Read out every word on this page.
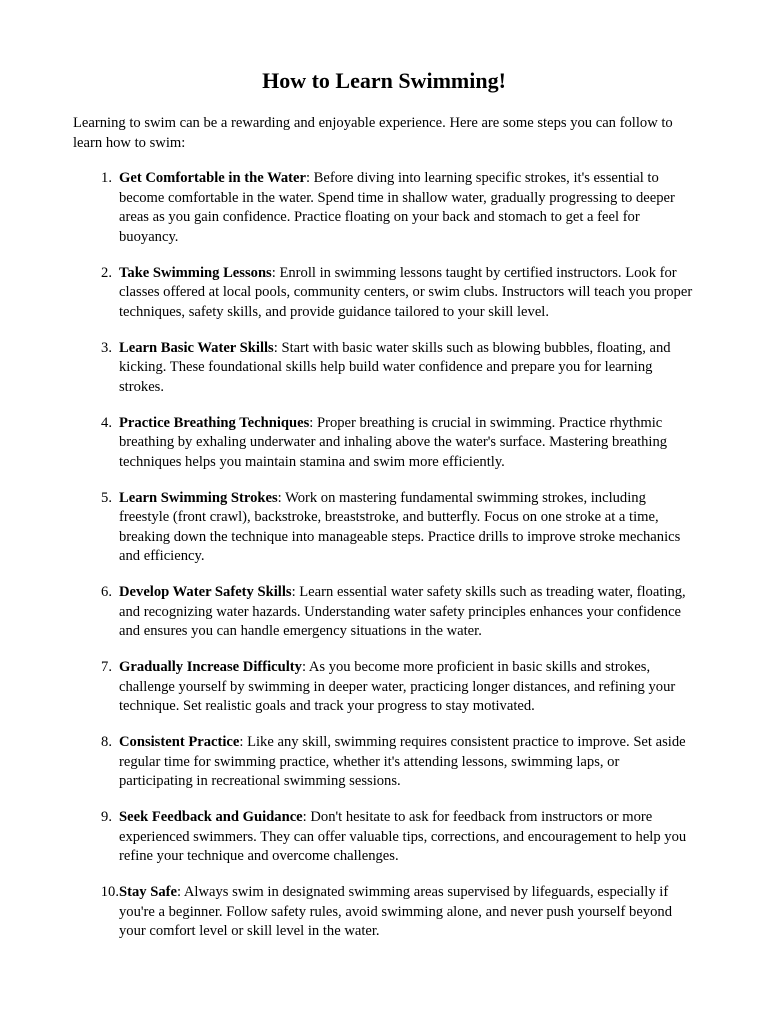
How to Learn Swimming!

Learning to swim can be a rewarding and enjoyable experience. Here are some steps you can follow to learn how to swim:

1. Get Comfortable in the Water: Before diving into learning specific strokes, it's essential to become comfortable in the water. Spend time in shallow water, gradually progressing to deeper areas as you gain confidence. Practice floating on your back and stomach to get a feel for buoyancy.
2. Take Swimming Lessons: Enroll in swimming lessons taught by certified instructors. Look for classes offered at local pools, community centers, or swim clubs. Instructors will teach you proper techniques, safety skills, and provide guidance tailored to your skill level.
3. Learn Basic Water Skills: Start with basic water skills such as blowing bubbles, floating, and kicking. These foundational skills help build water confidence and prepare you for learning strokes.
4. Practice Breathing Techniques: Proper breathing is crucial in swimming. Practice rhythmic breathing by exhaling underwater and inhaling above the water's surface. Mastering breathing techniques helps you maintain stamina and swim more efficiently.
5. Learn Swimming Strokes: Work on mastering fundamental swimming strokes, including freestyle (front crawl), backstroke, breaststroke, and butterfly. Focus on one stroke at a time, breaking down the technique into manageable steps. Practice drills to improve stroke mechanics and efficiency.
6. Develop Water Safety Skills: Learn essential water safety skills such as treading water, floating, and recognizing water hazards. Understanding water safety principles enhances your confidence and ensures you can handle emergency situations in the water.
7. Gradually Increase Difficulty: As you become more proficient in basic skills and strokes, challenge yourself by swimming in deeper water, practicing longer distances, and refining your technique. Set realistic goals and track your progress to stay motivated.
8. Consistent Practice: Like any skill, swimming requires consistent practice to improve. Set aside regular time for swimming practice, whether it's attending lessons, swimming laps, or participating in recreational swimming sessions.
9. Seek Feedback and Guidance: Don't hesitate to ask for feedback from instructors or more experienced swimmers. They can offer valuable tips, corrections, and encouragement to help you refine your technique and overcome challenges.
10. Stay Safe: Always swim in designated swimming areas supervised by lifeguards, especially if you're a beginner. Follow safety rules, avoid swimming alone, and never push yourself beyond your comfort level or skill level in the water.
